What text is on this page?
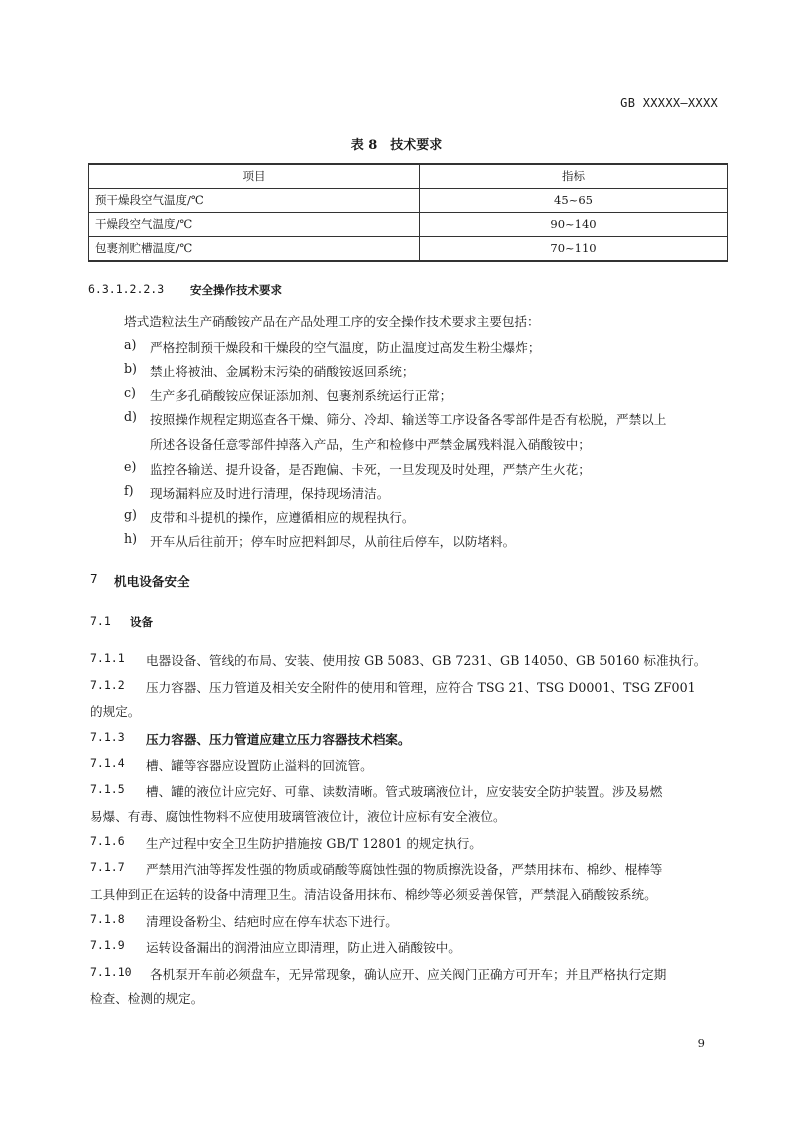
GB XXXXX—XXXX
表 8　技术要求
项目	指标
预干燥段空气温度/℃	45~65
干燥段空气温度/℃	90~140
包裹剂贮槽温度/℃	70~110
6.3.1.2.2.3 安全操作技术要求
塔式造粒法生产硝酸铵产品在产品处理工序的安全操作技术要求主要包括：
a) 严格控制预干燥段和干燥段的空气温度，防止温度过高发生粉尘爆炸；
b) 禁止将被油、金属粉末污染的硝酸铵返回系统；
c) 生产多孔硝酸铵应保证添加剂、包裹剂系统运行正常；
d) 按照操作规程定期巡查各干燥、筛分、冷却、输送等工序设备各零部件是否有松脱，严禁以上
所述各设备任意零部件掉落入产品，生产和检修中严禁金属残料混入硝酸铵中；
e) 监控各输送、提升设备，是否跑偏、卡死，一旦发现及时处理，严禁产生火花；
f) 现场漏料应及时进行清理，保持现场清洁。
g) 皮带和斗提机的操作，应遵循相应的规程执行。
h) 开车从后往前开；停车时应把料卸尽，从前往后停车，以防堵料。
7 机电设备安全
7.1 设备
7.1.1 电器设备、管线的布局、安装、使用按 GB 5083、GB 7231、GB 14050、GB 50160 标准执行。
7.1.2 压力容器、压力管道及相关安全附件的使用和管理，应符合 TSG 21、TSG D0001、TSG ZF001
的规定。
7.1.3 压力容器、压力管道应建立压力容器技术档案。
7.1.4 槽、罐等容器应设置防止溢料的回流管。
7.1.5 槽、罐的液位计应完好、可靠、读数清晰。管式玻璃液位计，应安装安全防护装置。涉及易燃
易爆、有毒、腐蚀性物料不应使用玻璃管液位计，液位计应标有安全液位。
7.1.6 生产过程中安全卫生防护措施按 GB/T 12801 的规定执行。
7.1.7 严禁用汽油等挥发性强的物质或硝酸等腐蚀性强的物质擦洗设备，严禁用抹布、棉纱、棍棒等
工具伸到正在运转的设备中清理卫生。清洁设备用抹布、棉纱等必须妥善保管，严禁混入硝酸铵系统。
7.1.8 清理设备粉尘、结疤时应在停车状态下进行。
7.1.9 运转设备漏出的润滑油应立即清理，防止进入硝酸铵中。
7.1.10 各机泵开车前必须盘车，无异常现象，确认应开、应关阀门正确方可开车；并且严格执行定期
检查、检测的规定。
9
